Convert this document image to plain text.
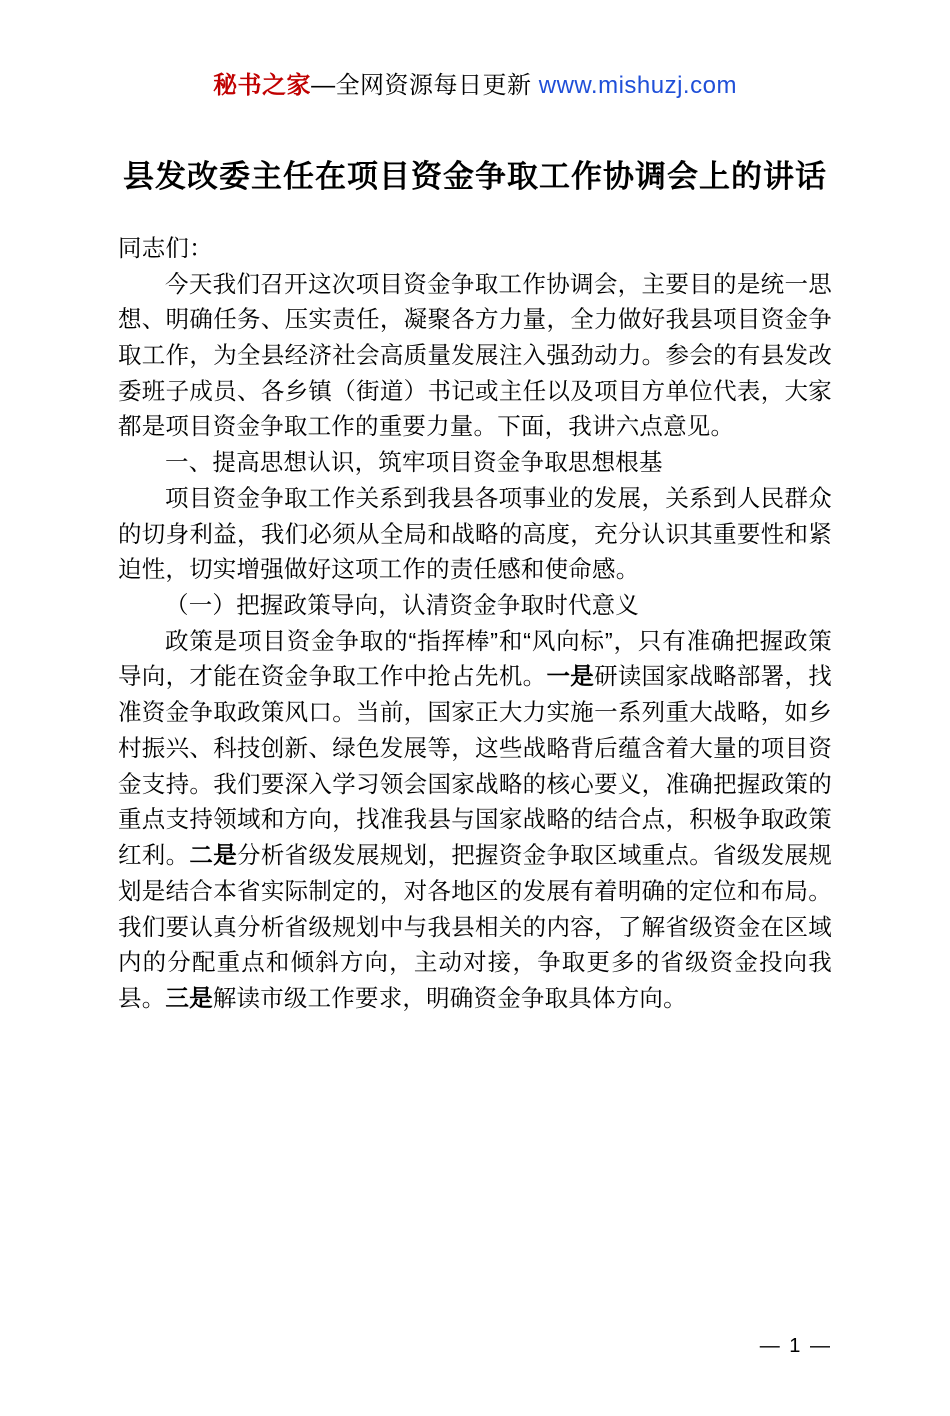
秘书之家—全网资源每日更新 www.mishuzj.com
县发改委主任在项目资金争取工作协调会上的讲话

同志们：

今天我们召开这次项目资金争取工作协调会，主要目的是统一思想、明确任务、压实责任，凝聚各方力量，全力做好我县项目资金争取工作，为全县经济社会高质量发展注入强劲动力。参会的有县发改委班子成员、各乡镇（街道）书记或主任以及项目方单位代表，大家都是项目资金争取工作的重要力量。下面，我讲六点意见。

一、提高思想认识，筑牢项目资金争取思想根基

项目资金争取工作关系到我县各项事业的发展，关系到人民群众的切身利益，我们必须从全局和战略的高度，充分认识其重要性和紧迫性，切实增强做好这项工作的责任感和使命感。

（一）把握政策导向，认清资金争取时代意义

政策是项目资金争取的“指挥棒”和“风向标”，只有准确把握政策导向，才能在资金争取工作中抢占先机。一是研读国家战略部署，找准资金争取政策风口。当前，国家正大力实施一系列重大战略，如乡村振兴、科技创新、绿色发展等，这些战略背后蕴含着大量的项目资金支持。我们要深入学习领会国家战略的核心要义，准确把握政策的重点支持领域和方向，找准我县与国家战略的结合点，积极争取政策红利。二是分析省级发展规划，把握资金争取区域重点。省级发展规划是结合本省实际制定的，对各地区的发展有着明确的定位和布局。我们要认真分析省级规划中与我县相关的内容，了解省级资金在区域内的分配重点和倾斜方向，主动对接，争取更多的省级资金投向我县。三是解读市级工作要求，明确资金争取具体方向。

— 1 —
